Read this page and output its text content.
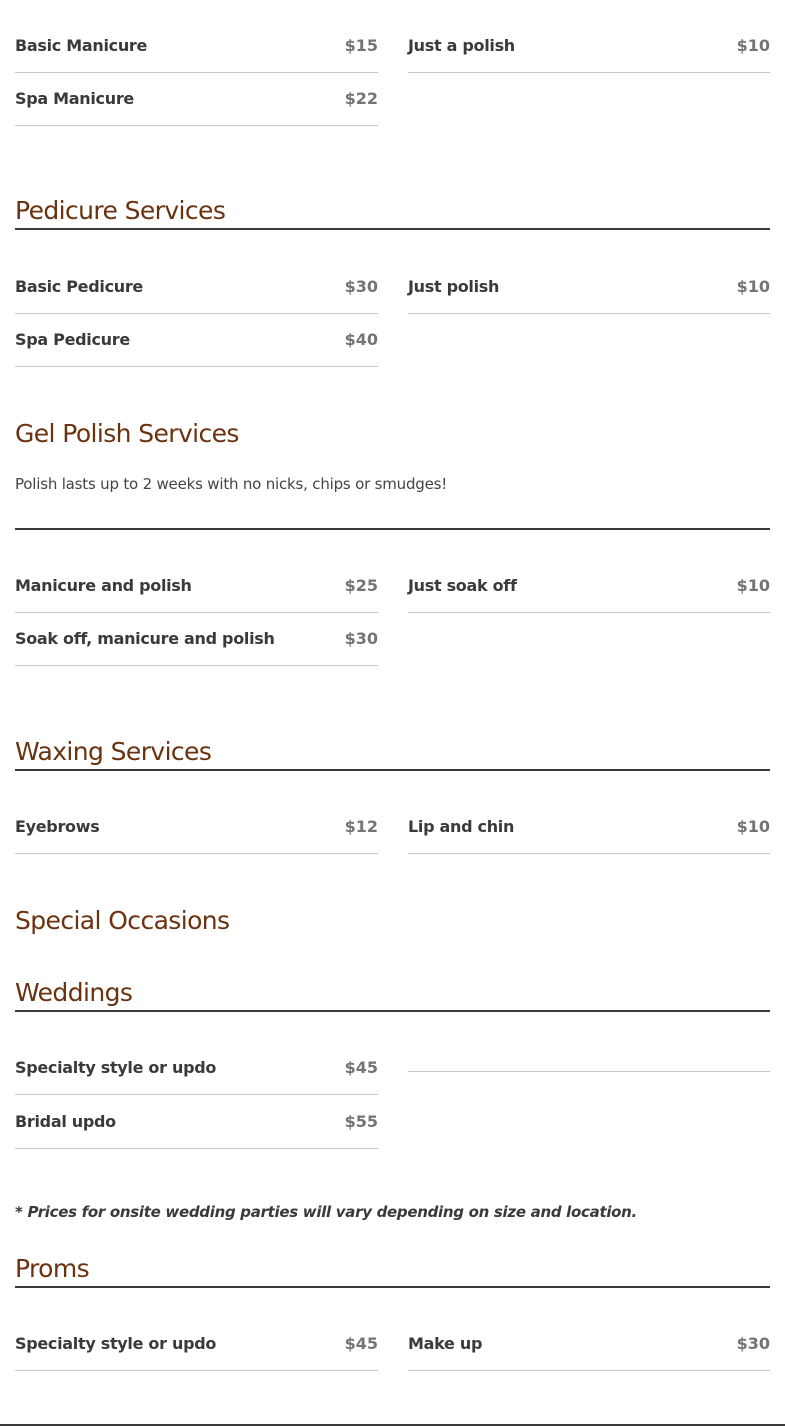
Basic Manicure	$15
Spa Manicure	$22
Just a polish	$10
Pedicure Services
Basic Pedicure	$30
Spa Pedicure	$40
Just polish	$10
Gel Polish Services
Polish lasts up to 2 weeks with no nicks, chips or smudges!
Manicure and polish	$25
Soak off, manicure and polish	$30
Just soak off	$10
Waxing Services
Eyebrows	$12 Lip and chin	$10
Special Occasions
Weddings
Specialty style or updo	$45
Bridal updo	$55
* Prices for onsite wedding parties will vary depending on size and location.
Proms
Specialty style or updo	$45 Make up	$30
